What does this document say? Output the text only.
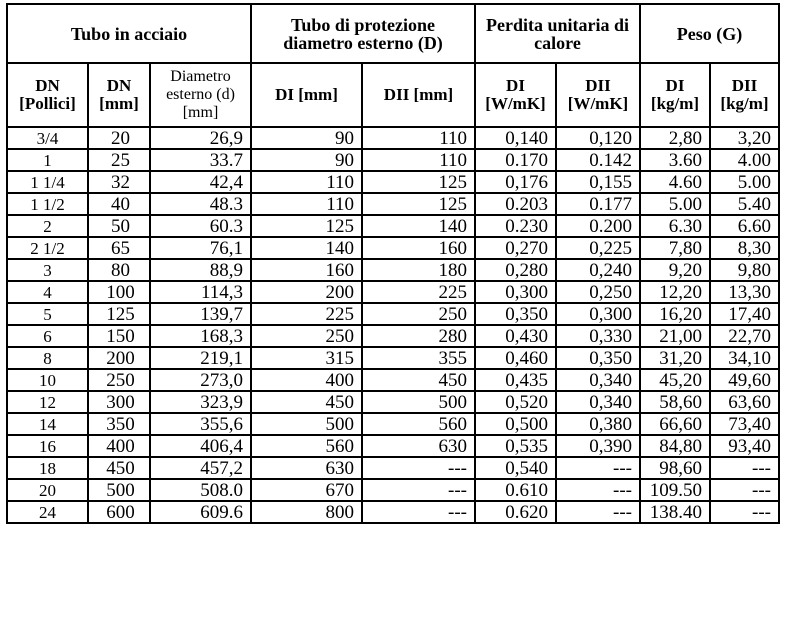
Tubo in acciaio			Tubo di protezione diametro esterno (D)		Perdita unitaria di calore		Peso (G)	
DN [Pollici]	DN [mm]	Diametro esterno (d) [mm]	DI [mm]	DII [mm]	DI [W/mK]	DII [W/mK]	DI [kg/m]	DII [kg/m]
3/4	20	26,9	90	110	0,140	0,120	2,80	3,20
1	25	33.7	90	110	0.170	0.142	3.60	4.00
1 1/4	32	42,4	110	125	0,176	0,155	4.60	5.00
1 1/2	40	48.3	110	125	0.203	0.177	5.00	5.40
2	50	60.3	125	140	0.230	0.200	6.30	6.60
2 1/2	65	76,1	140	160	0,270	0,225	7,80	8,30
3	80	88,9	160	180	0,280	0,240	9,20	9,80
4	100	114,3	200	225	0,300	0,250	12,20	13,30
5	125	139,7	225	250	0,350	0,300	16,20	17,40
6	150	168,3	250	280	0,430	0,330	21,00	22,70
8	200	219,1	315	355	0,460	0,350	31,20	34,10
10	250	273,0	400	450	0,435	0,340	45,20	49,60
12	300	323,9	450	500	0,520	0,340	58,60	63,60
14	350	355,6	500	560	0,500	0,380	66,60	73,40
16	400	406,4	560	630	0,535	0,390	84,80	93,40
18	450	457,2	630	---	0,540	---	98,60	---
20	500	508.0	670	---	0.610	---	109.50	---
24	600	609.6	800	---	0.620	---	138.40	---
